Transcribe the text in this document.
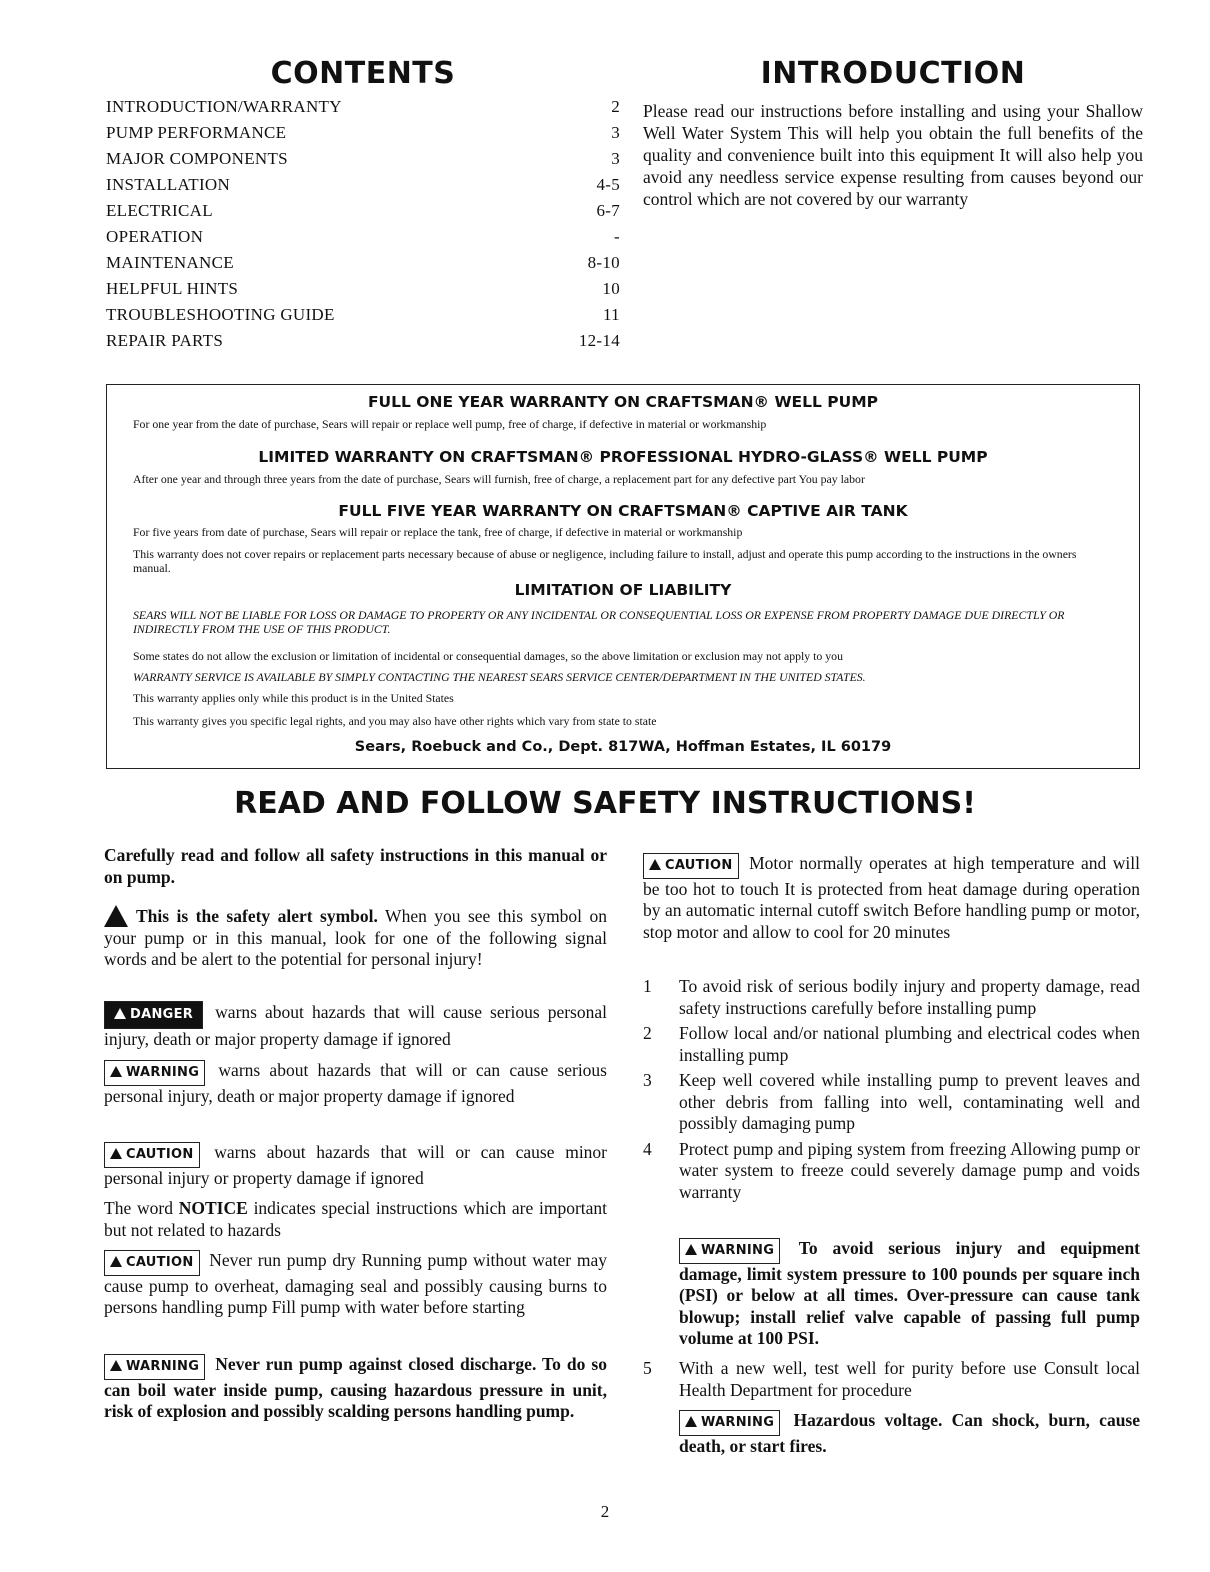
CONTENTS	INTRODUCTION
INTRODUCTION/WARRANTY	2
PUMP PERFORMANCE	3
MAJOR COMPONENTS	3
INSTALLATION	4-5
ELECTRICAL	6-7
OPERATION	-
MAINTENANCE	8-10
HELPFUL HINTS	10
TROUBLESHOOTING GUIDE	11
REPAIR PARTS	12-14
Please read our instructions before installing and using your Shallow Well Water System This will help you obtain the full benefits of the quality and convenience built into this equipment It will also help you avoid any needless service expense resulting from causes beyond our control which are not covered by our warranty
FULL ONE YEAR WARRANTY ON CRAFTSMAN® WELL PUMP
For one year from the date of purchase, Sears will repair or replace well pump, free of charge, if defective in material or workmanship
LIMITED WARRANTY ON CRAFTSMAN® PROFESSIONAL HYDRO-GLASS® WELL PUMP
After one year and through three years from the date of purchase, Sears will furnish, free of charge, a replacement part for any defective part You pay labor
FULL FIVE YEAR WARRANTY ON CRAFTSMAN® CAPTIVE AIR TANK
For five years from date of purchase, Sears will repair or replace the tank, free of charge, if defective in material or workmanship
This warranty does not cover repairs or replacement parts necessary because of abuse or negligence, including failure to install, adjust and operate this pump according to the instructions in the owners manual.
LIMITATION OF LIABILITY
SEARS WILL NOT BE LIABLE FOR LOSS OR DAMAGE TO PROPERTY OR ANY INCIDENTAL OR CONSEQUENTIAL LOSS OR EXPENSE FROM PROPERTY DAMAGE DUE DIRECTLY OR INDIRECTLY FROM THE USE OF THIS PRODUCT.
Some states do not allow the exclusion or limitation of incidental or consequential damages, so the above limitation or exclusion may not apply to you
WARRANTY SERVICE IS AVAILABLE BY SIMPLY CONTACTING THE NEAREST SEARS SERVICE CENTER/DEPARTMENT IN THE UNITED STATES.
This warranty applies only while this product is in the United States
This warranty gives you specific legal rights, and you may also have other rights which vary from state to state
Sears, Roebuck and Co., Dept. 817WA, Hoffman Estates, IL 60179
READ AND FOLLOW SAFETY INSTRUCTIONS!
Carefully read and follow all safety instructions in this manual or on pump.
This is the safety alert symbol. When you see this symbol on your pump or in this manual, look for one of the following signal words and be alert to the potential for personal injury!
DANGER warns about hazards that will cause serious personal injury, death or major property damage if ignored
WARNING warns about hazards that will or can cause serious personal injury, death or major property damage if ignored
CAUTION warns about hazards that will or can cause minor personal injury or property damage if ignored
The word NOTICE indicates special instructions which are important but not related to hazards
CAUTION Never run pump dry Running pump without water may cause pump to overheat, damaging seal and possibly causing burns to persons handling pump Fill pump with water before starting
WARNING Never run pump against closed discharge. To do so can boil water inside pump, causing hazardous pressure in unit, risk of explosion and possibly scalding persons handling pump.
CAUTION Motor normally operates at high temperature and will be too hot to touch It is protected from heat damage during operation by an automatic internal cutoff switch Before handling pump or motor, stop motor and allow to cool for 20 minutes
1	To avoid risk of serious bodily injury and property damage, read safety instructions carefully before installing pump
2	Follow local and/or national plumbing and electrical codes when installing pump
3	Keep well covered while installing pump to prevent leaves and other debris from falling into well, contaminating well and possibly damaging pump
4	Protect pump and piping system from freezing Allowing pump or water system to freeze could severely damage pump and voids warranty
WARNING To avoid serious injury and equipment damage, limit system pressure to 100 pounds per square inch (PSI) or below at all times. Over-pressure can cause tank blowup; install relief valve capable of passing full pump volume at 100 PSI.
5	With a new well, test well for purity before use Consult local Health Department for procedure
WARNING Hazardous voltage. Can shock, burn, cause death, or start fires.
2
